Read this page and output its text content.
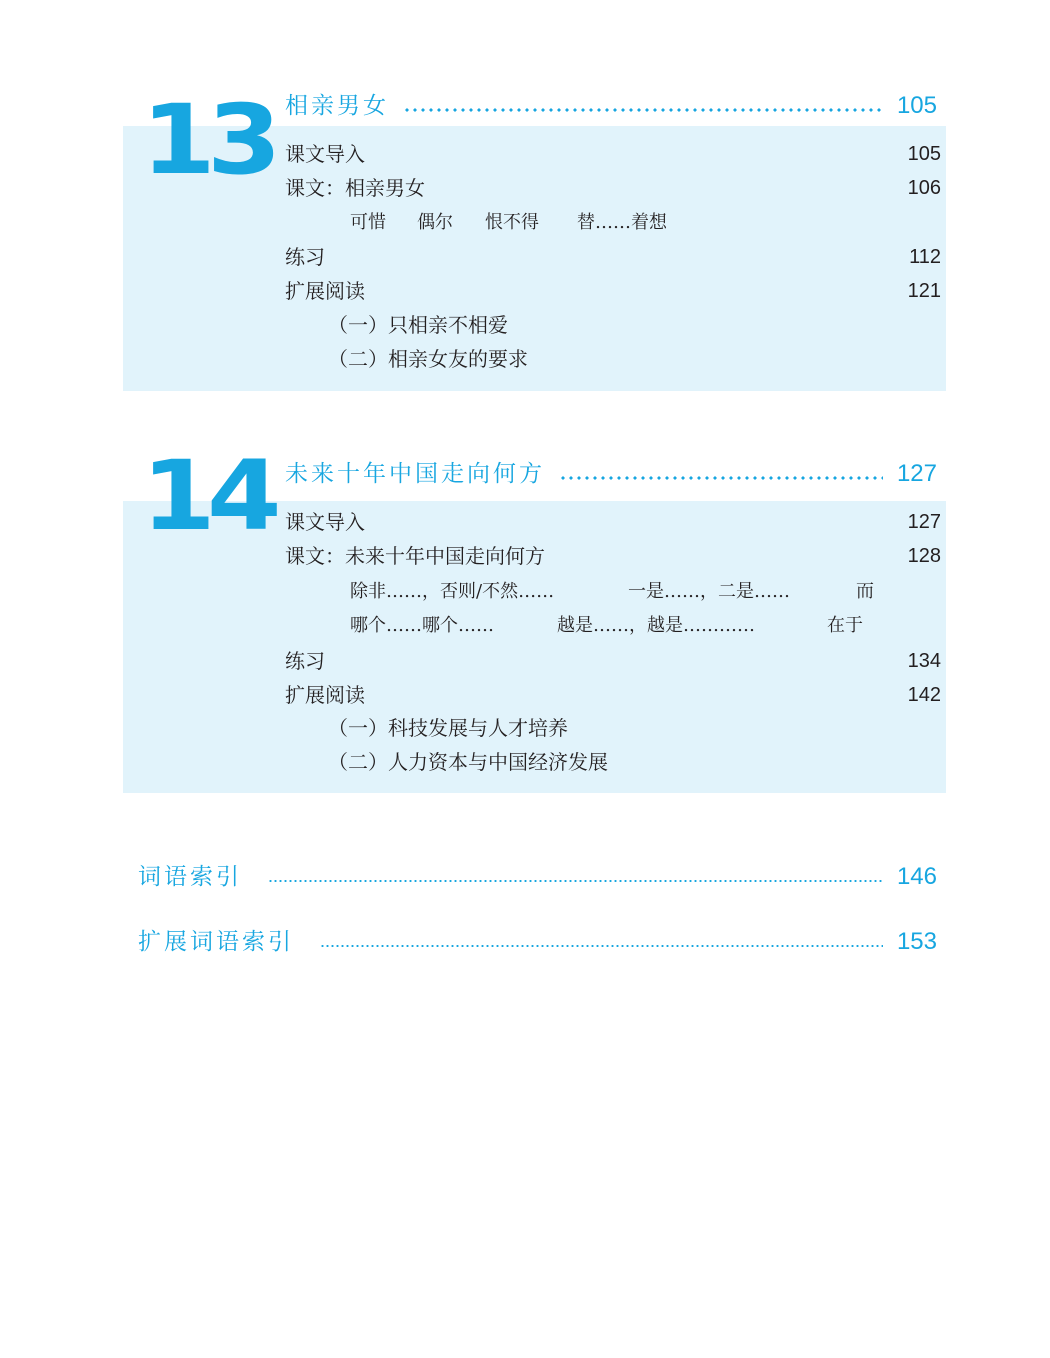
13 相亲男女	105
课文导入	105
课文：相亲男女	106
可惜 偶尔 恨不得 替……着想
练习	112
扩展阅读	121
（一）只相亲不相爱
（二）相亲女友的要求
14 未来十年中国走向何方	127
课文导入	127
课文：未来十年中国走向何方	128
除非……，否则/不然……	一是……，二是……	而
哪个……哪个……	越是……，越是…………	在于
练习	134
扩展阅读	142
（一）科技发展与人才培养
（二）人力资本与中国经济发展
词语索引	146
扩展词语索引	153
